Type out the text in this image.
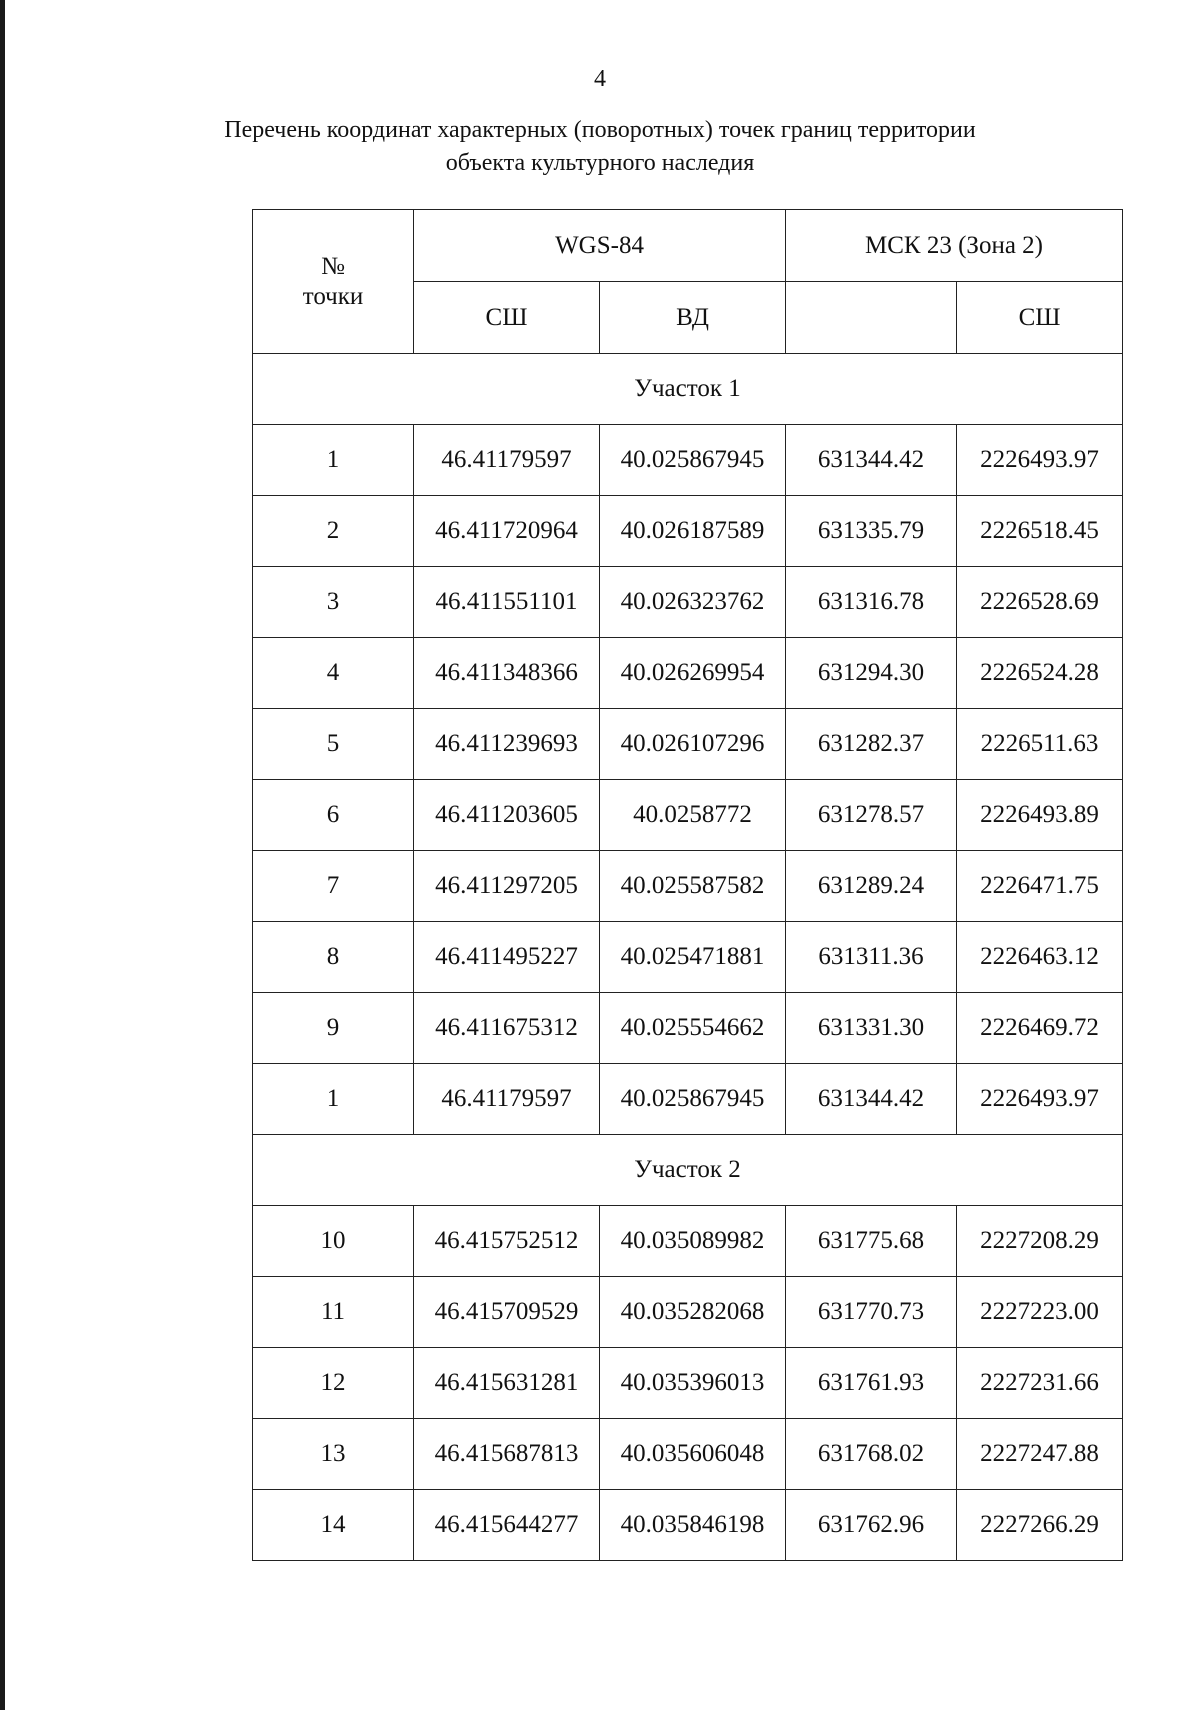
4
Перечень координат характерных (поворотных) точек границ территории
объекта культурного наследия
№
точки	WGS-84		МСК 23 (Зона 2)	
	СШ	ВД		СШ
Участок 1				
1	46.41179597	40.025867945	631344.42	2226493.97
2	46.411720964	40.026187589	631335.79	2226518.45
3	46.411551101	40.026323762	631316.78	2226528.69
4	46.411348366	40.026269954	631294.30	2226524.28
5	46.411239693	40.026107296	631282.37	2226511.63
6	46.411203605	40.0258772	631278.57	2226493.89
7	46.411297205	40.025587582	631289.24	2226471.75
8	46.411495227	40.025471881	631311.36	2226463.12
9	46.411675312	40.025554662	631331.30	2226469.72
1	46.41179597	40.025867945	631344.42	2226493.97
Участок 2				
10	46.415752512	40.035089982	631775.68	2227208.29
11	46.415709529	40.035282068	631770.73	2227223.00
12	46.415631281	40.035396013	631761.93	2227231.66
13	46.415687813	40.035606048	631768.02	2227247.88
14	46.415644277	40.035846198	631762.96	2227266.29
